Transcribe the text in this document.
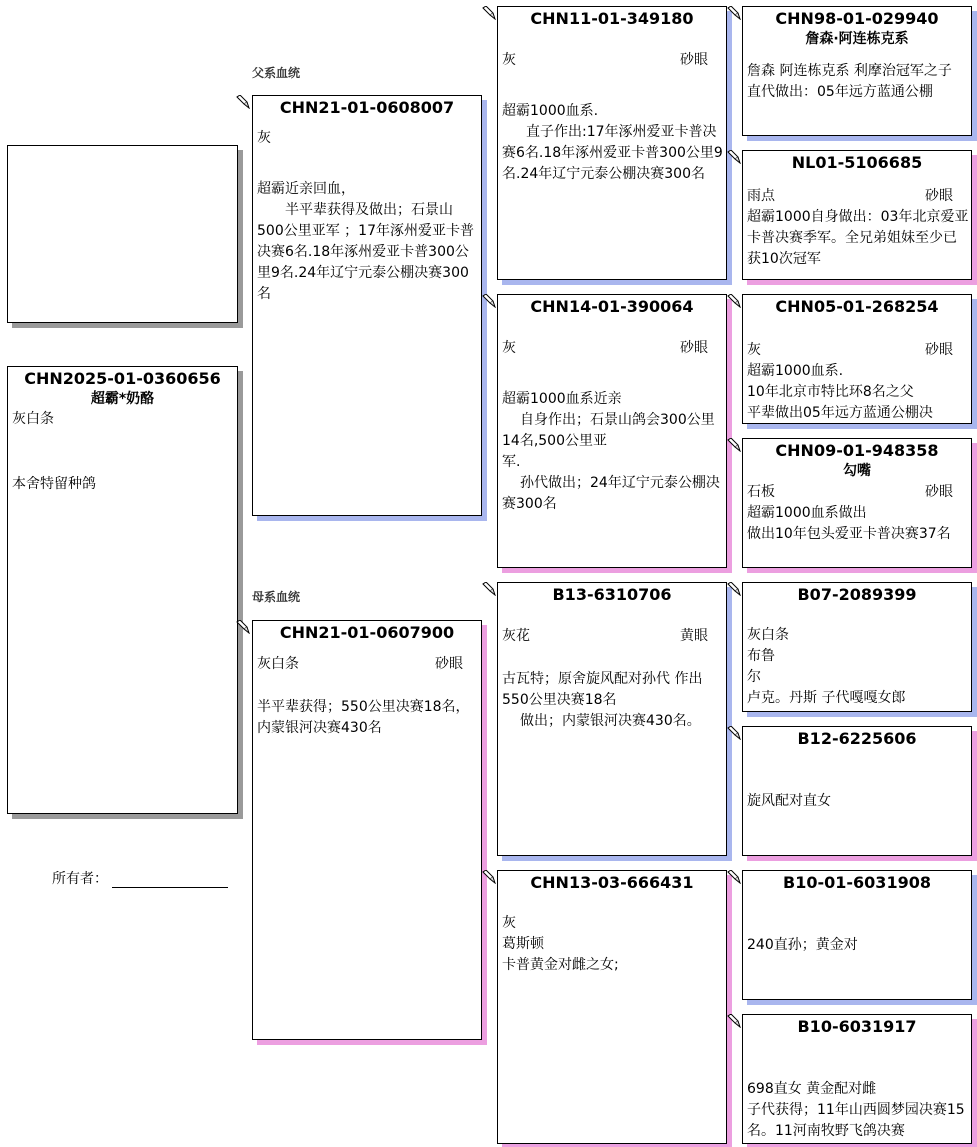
父系血统
母系血统
CHN2025-01-0360656
超霸*奶酪
灰白条
本舍特留种鸽
所有者：
CHN21-01-0608007
灰
超霸近亲回血，
半平辈获得及做出；石景山500公里亚军 ；17年涿州爱亚卡普决赛6名.18年涿州爱亚卡普300公里9名.24年辽宁元泰公棚决赛300名
CHN21-01-0607900
灰白条	砂眼
半平辈获得；550公里决赛18名，内蒙银河决赛430名
CHN11-01-349180
灰	砂眼
超霸1000血系.
直子作出:17年涿州爱亚卡普决赛6名.18年涿州爱亚卡普300公里9名.24年辽宁元泰公棚决赛300名
CHN14-01-390064
灰	砂眼
超霸1000血系近亲
自身作出；石景山鸽会300公里14名,500公里亚
军.
孙代做出；24年辽宁元泰公棚决赛300名
B13-6310706
灰花	黄眼
古瓦特；原舍旋风配对孙代 作出550公里决赛18名
做出；内蒙银河决赛430名。
CHN13-03-666431
灰
葛斯顿
卡普黄金对雌之女;
CHN98-01-029940
詹森·阿连栋克系
詹森 阿连栋克系 利摩治冠军之子
直代做出：05年远方蓝通公棚
NL01-5106685
雨点	砂眼
超霸1000自身做出：03年北京爱亚卡普决赛季军。全兄弟姐妹至少已获10次冠军
CHN05-01-268254
灰	砂眼
超霸1000血系.
10年北京市特比环8名之父
平辈做出05年远方蓝通公棚决
CHN09-01-948358
勾嘴
石板	砂眼
超霸1000血系做出
做出10年包头爱亚卡普决赛37名
B07-2089399
灰白条
布鲁
尔
卢克。丹斯 子代嘎嘎女郎
B12-6225606
旋风配对直女
B10-01-6031908
240直孙；黄金对
B10-6031917
698直女 黄金配对雌
子代获得；11年山西圆梦园决赛15名。11河南牧野飞鸽决赛
